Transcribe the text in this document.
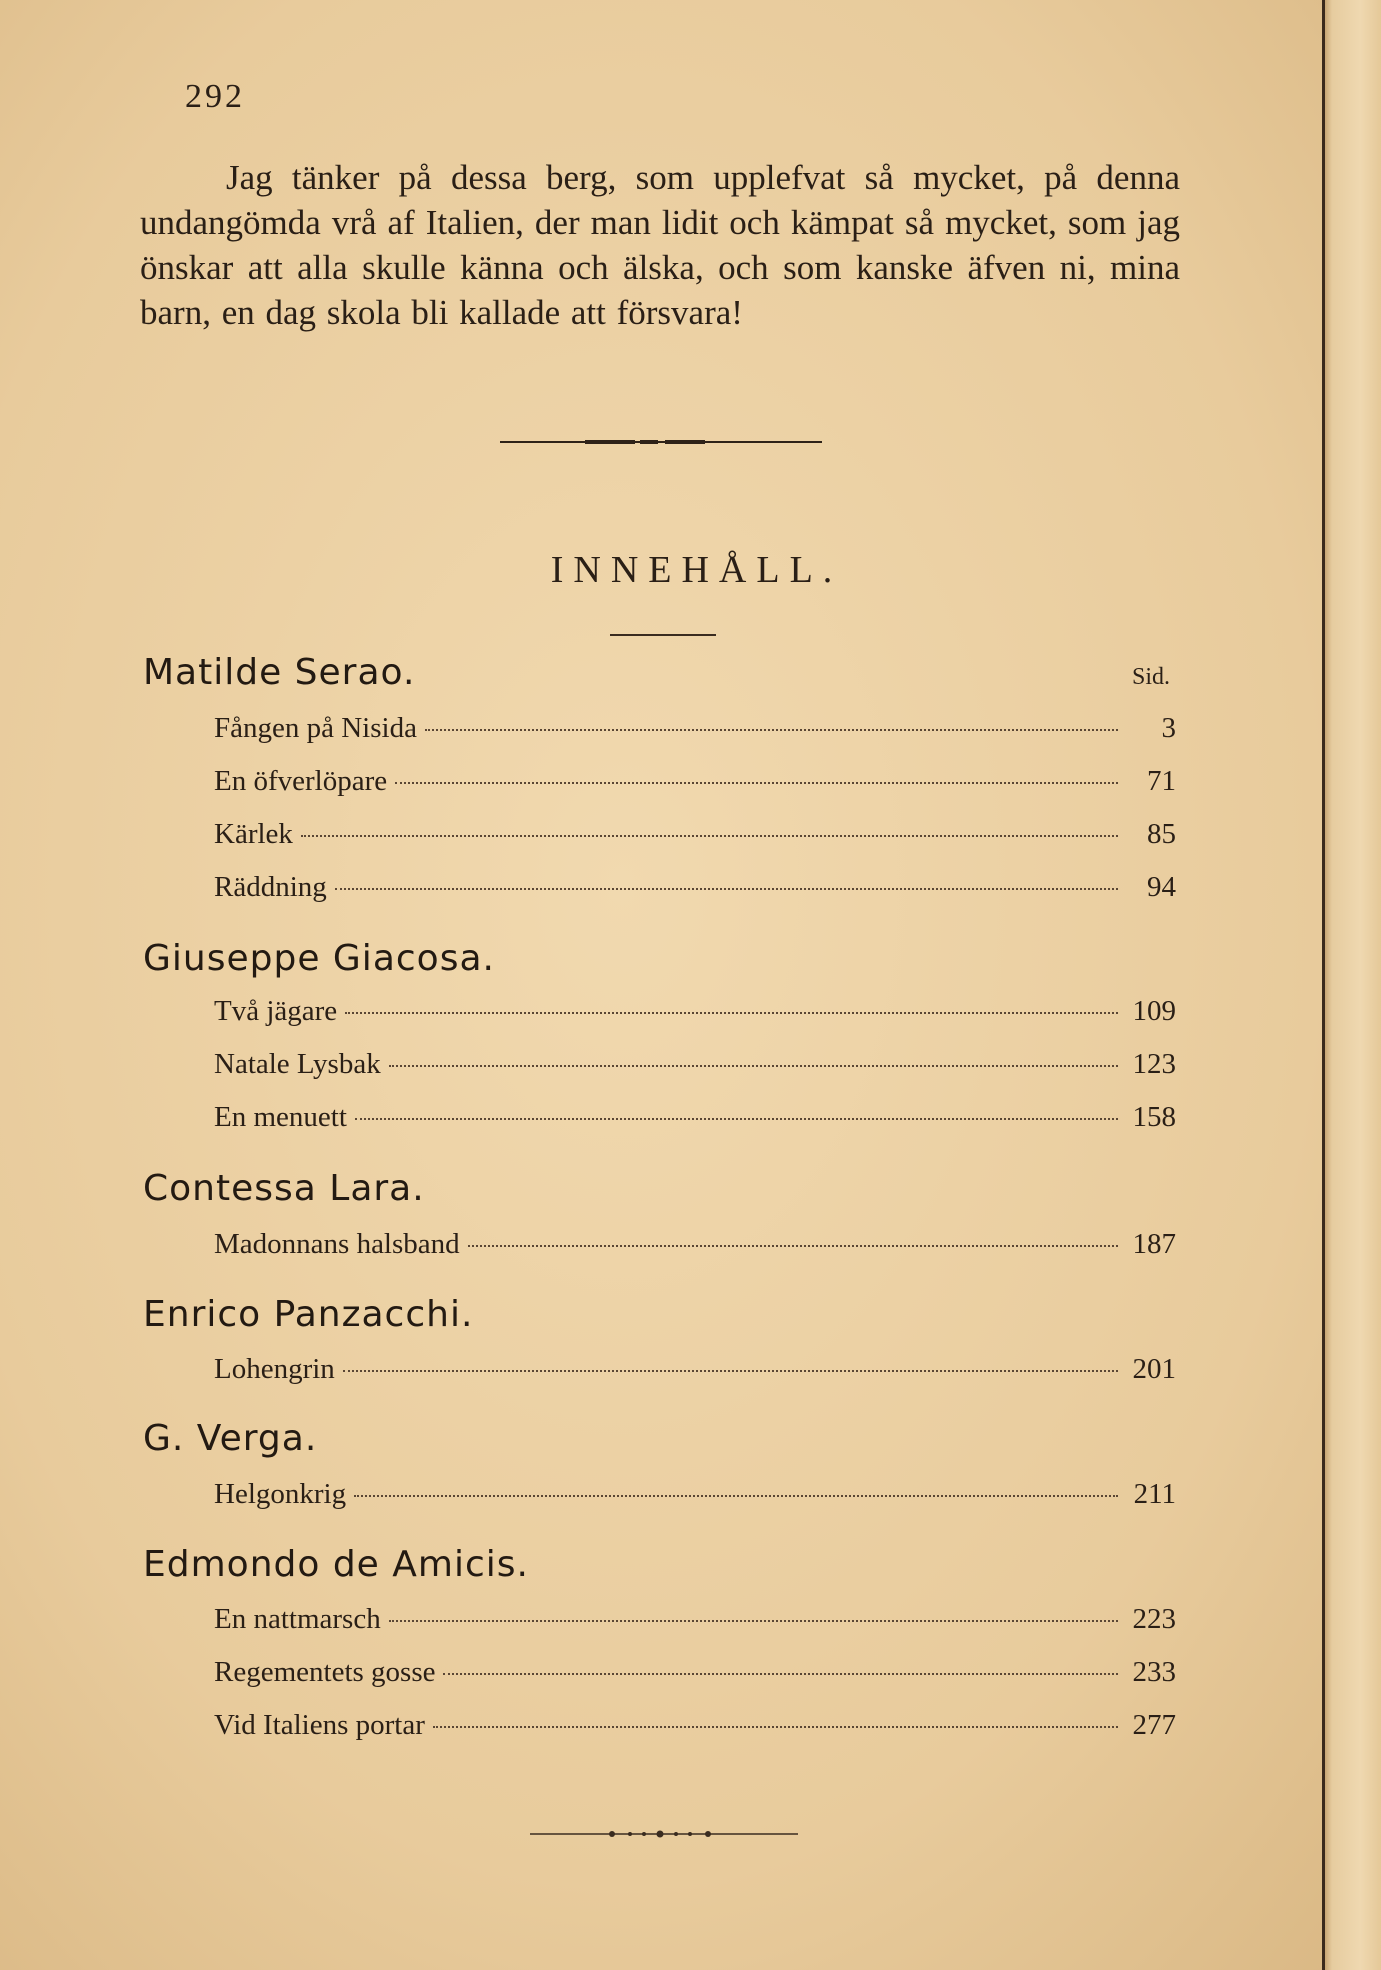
292

Jag tänker på dessa berg, som upplefvat så mycket, på denna undangömda vrå af Italien, der man lidit och kämpat så mycket, som jag önskar att alla skulle känna och älska, och som kanske äfven ni, mina barn, en dag skola bli kallade att försvara!

INNEHÅLL.
Sid.
Matilde Serao.
Fången på Nisida	3
En öfverlöpare	71
Kärlek	85
Räddning	94
Giuseppe Giacosa.
Två jägare	109
Natale Lysbak	123
En menuett	158
Contessa Lara.
Madonnans halsband	187
Enrico Panzacchi.
Lohengrin	201
G. Verga.
Helgonkrig	211
Edmondo de Amicis.
En nattmarsch	223
Regementets gosse	233
Vid Italiens portar	277
